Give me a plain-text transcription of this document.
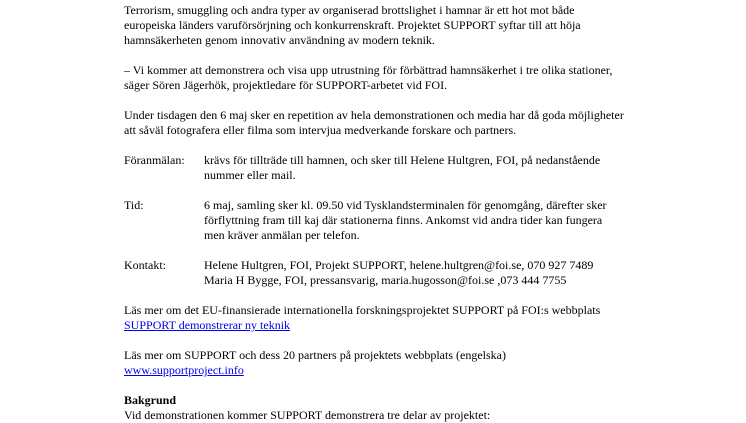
Terrorism, smuggling och andra typer av organiserad brottslighet i hamnar är ett hot mot både europeiska länders varuförsörjning och konkurrenskraft. Projektet SUPPORT syftar till att höja hamnsäkerheten genom innovativ användning av modern teknik.

– Vi kommer att demonstrera och visa upp utrustning för förbättrad hamnsäkerhet i tre olika stationer, säger Sören Jägerhök, projektledare för SUPPORT-arbetet vid FOI.

Under tisdagen den 6 maj sker en repetition av hela demonstrationen och media har då goda möjligheter att såväl fotografera eller filma som intervjua medverkande forskare och partners.

Föranmälan:	krävs för tillträde till hamnen, och sker till Helene Hultgren, FOI, på nedanstående nummer eller mail.
Tid:	6 maj, samling sker kl. 09.50 vid Tysklandsterminalen för genomgång, därefter sker förflyttning fram till kaj där stationerna finns. Ankomst vid andra tider kan fungera men kräver anmälan per telefon.
Kontakt:	Helene Hultgren, FOI, Projekt SUPPORT, helene.hultgren@foi.se, 070 927 7489
Maria H Bygge, FOI, pressansvarig, maria.hugosson@foi.se ,073 444 7755

Läs mer om det EU-finansierade internationella forskningsprojektet SUPPORT på FOI:s webbplats
SUPPORT demonstrerar ny teknik

Läs mer om SUPPORT och dess 20 partners på projektets webbplats (engelska)
www.supportproject.info

Bakgrund

Vid demonstrationen kommer SUPPORT demonstrera tre delar av projektet:
